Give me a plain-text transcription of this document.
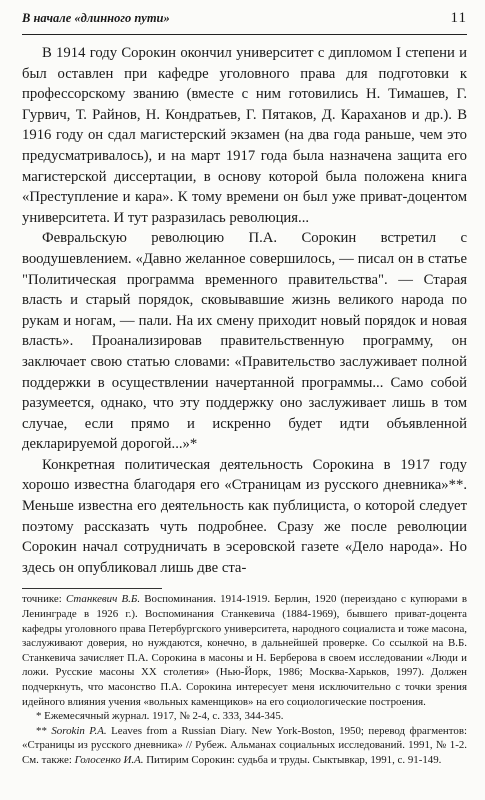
В начале «длинного пути»	11

В 1914 году Сорокин окончил университет с дипломом I степени и был оставлен при кафедре уголовного права для подготовки к профессорскому званию (вместе с ним готовились Н. Тимашев, Г. Гурвич, Т. Райнов, Н. Кондратьев, Г. Пятаков, Д. Караханов и др.). В 1916 году он сдал магистерский экзамен (на два года раньше, чем это предусматривалось), и на март 1917 года была назначена защита его магистерской диссертации, в основу которой была положена книга «Преступление и кара». К тому времени он был уже приват-доцентом университета. И тут разразилась революция...

Февральскую революцию П.А. Сорокин встретил с воодушевлением. «Давно желанное совершилось, — писал он в статье "Политическая программа временного правительства". — Старая власть и старый порядок, сковывавшие жизнь великого народа по рукам и ногам, — пали. На их смену приходит новый порядок и новая власть». Проанализировав правительственную программу, он заключает свою статью словами: «Правительство заслуживает полной поддержки в осуществлении начертанной программы... Само собой разумеется, однако, что эту поддержку оно заслуживает лишь в том случае, если прямо и искренно будет идти объявленной декларируемой дорогой...»*

Конкретная политическая деятельность Сорокина в 1917 году хорошо известна благодаря его «Страницам из русского дневника»**. Меньше известна его деятельность как публициста, о которой следует поэтому рассказать чуть подробнее. Сразу же после революции Сорокин начал сотрудничать в эсеровской газете «Дело народа». Но здесь он опубликовал лишь две ста-

точнике: Станкевич В.Б. Воспоминания. 1914-1919. Берлин, 1920 (переиздано с купюрами в Ленинграде в 1926 г.). Воспоминания Станкевича (1884-1969), бывшего приват-доцента кафедры уголовного права Петербургского университета, народного социалиста и тоже масона, заслуживают доверия, но нуждаются, конечно, в дальнейшей проверке. Со ссылкой на В.Б. Станкевича зачисляет П.А. Сорокина в масоны и Н. Берберова в своем исследовании «Люди и ложи. Русские масоны XX столетия» (Нью-Йорк, 1986; Москва-Харьков, 1997). Должен подчеркнуть, что масонство П.А. Сорокина интересует меня исключительно с точки зрения идейного влияния учения «вольных каменщиков» на его социологические построения.

* Ежемесячный журнал. 1917, № 2-4, с. 333, 344-345.

** Sorokin P.A. Leaves from a Russian Diary. New York-Boston, 1950; перевод фрагментов: «Страницы из русского дневника» // Рубеж. Альманах социальных исследований. 1991, № 1-2. См. также: Голосенко И.А. Питирим Сорокин: судьба и труды. Сыктывкар, 1991, с. 91-149.
